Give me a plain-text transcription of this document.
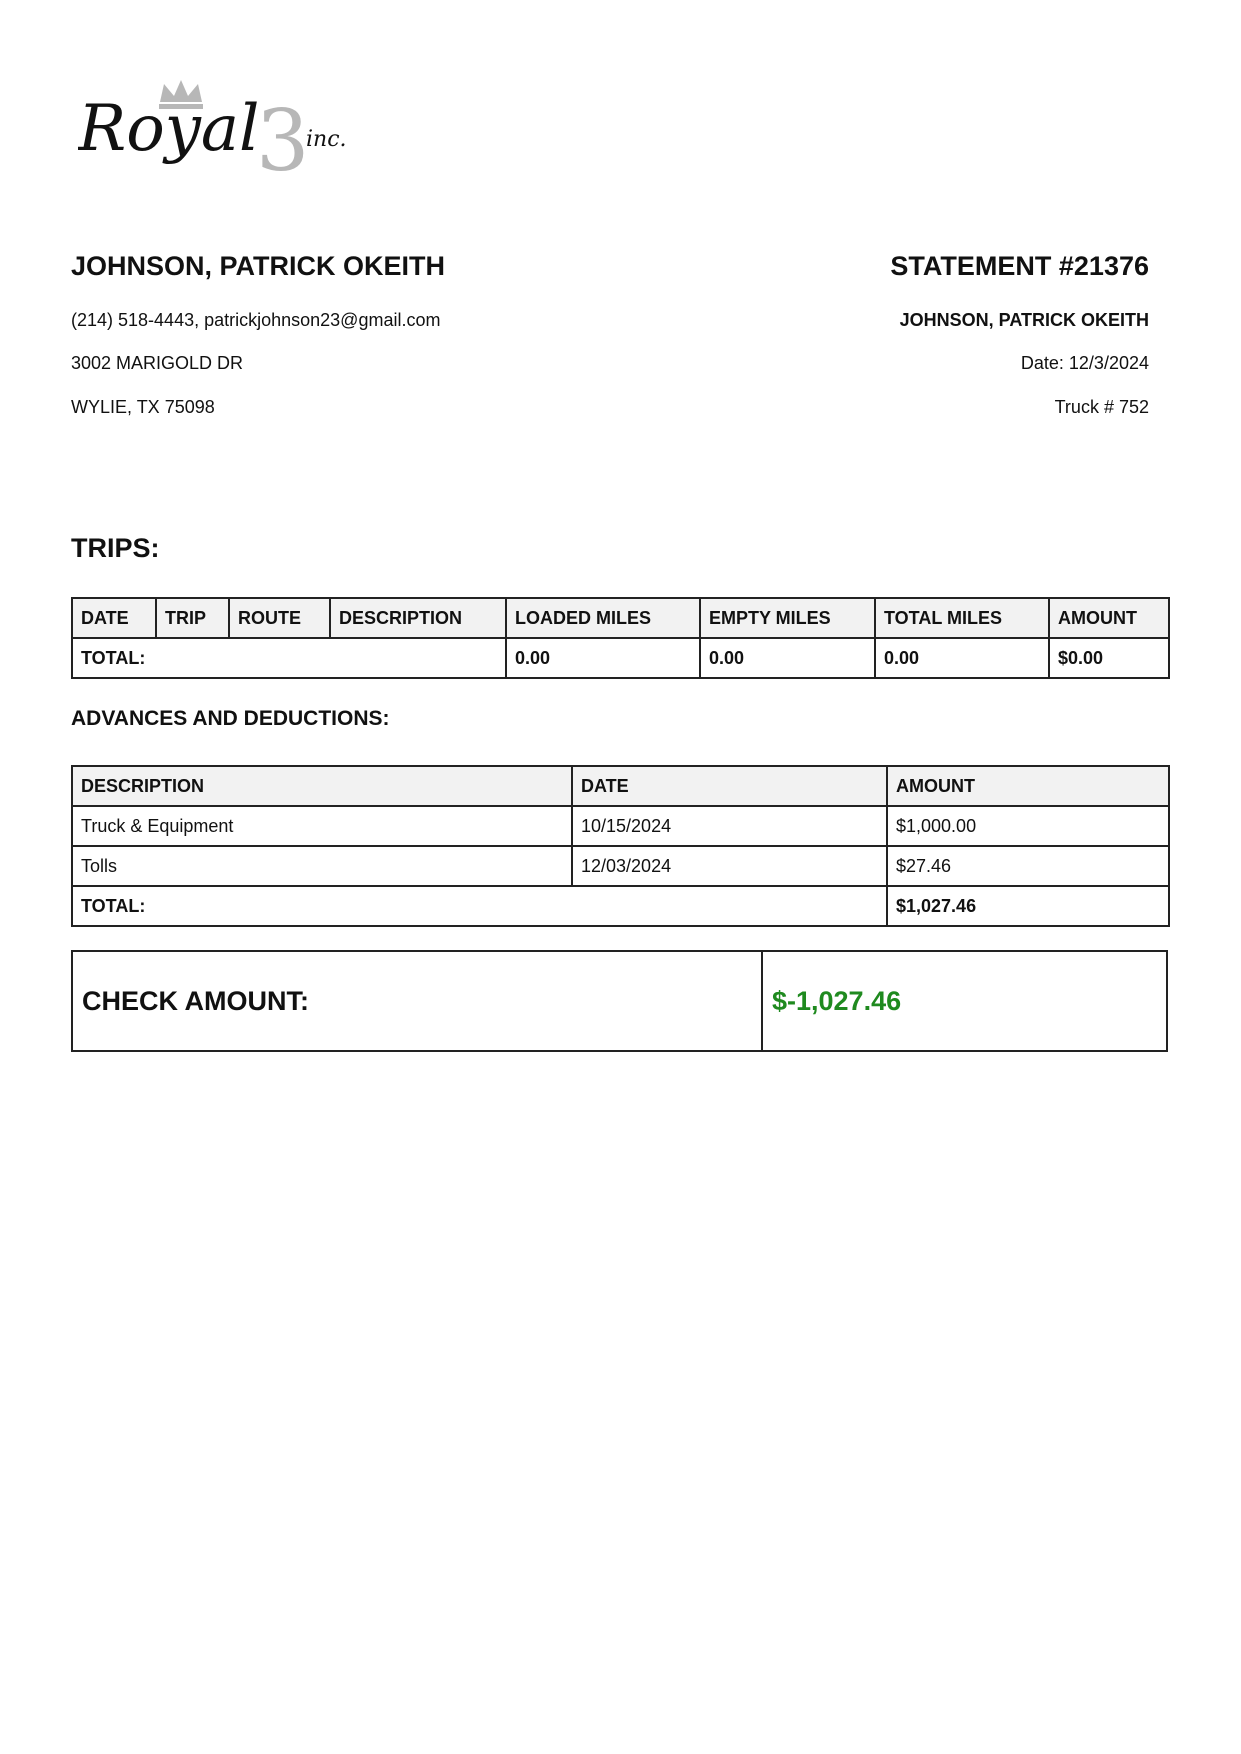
Royal
3
inc.
JOHNSON, PATRICK OKEITH
(214) 518-4443, patrickjohnson23@gmail.com
3002 MARIGOLD DR
WYLIE, TX 75098
STATEMENT #21376
JOHNSON, PATRICK OKEITH
Date: 12/3/2024
Truck # 752
TRIPS:
DATE	TRIP	ROUTE	DESCRIPTION	LOADED MILES	EMPTY MILES	TOTAL MILES	AMOUNT
TOTAL:				0.00	0.00	0.00	$0.00
ADVANCES AND DEDUCTIONS:
DESCRIPTION	DATE	AMOUNT
Truck & Equipment	10/15/2024	$1,000.00
Tolls	12/03/2024	$27.46
TOTAL:		$1,027.46
CHECK AMOUNT:	$-1,027.46
